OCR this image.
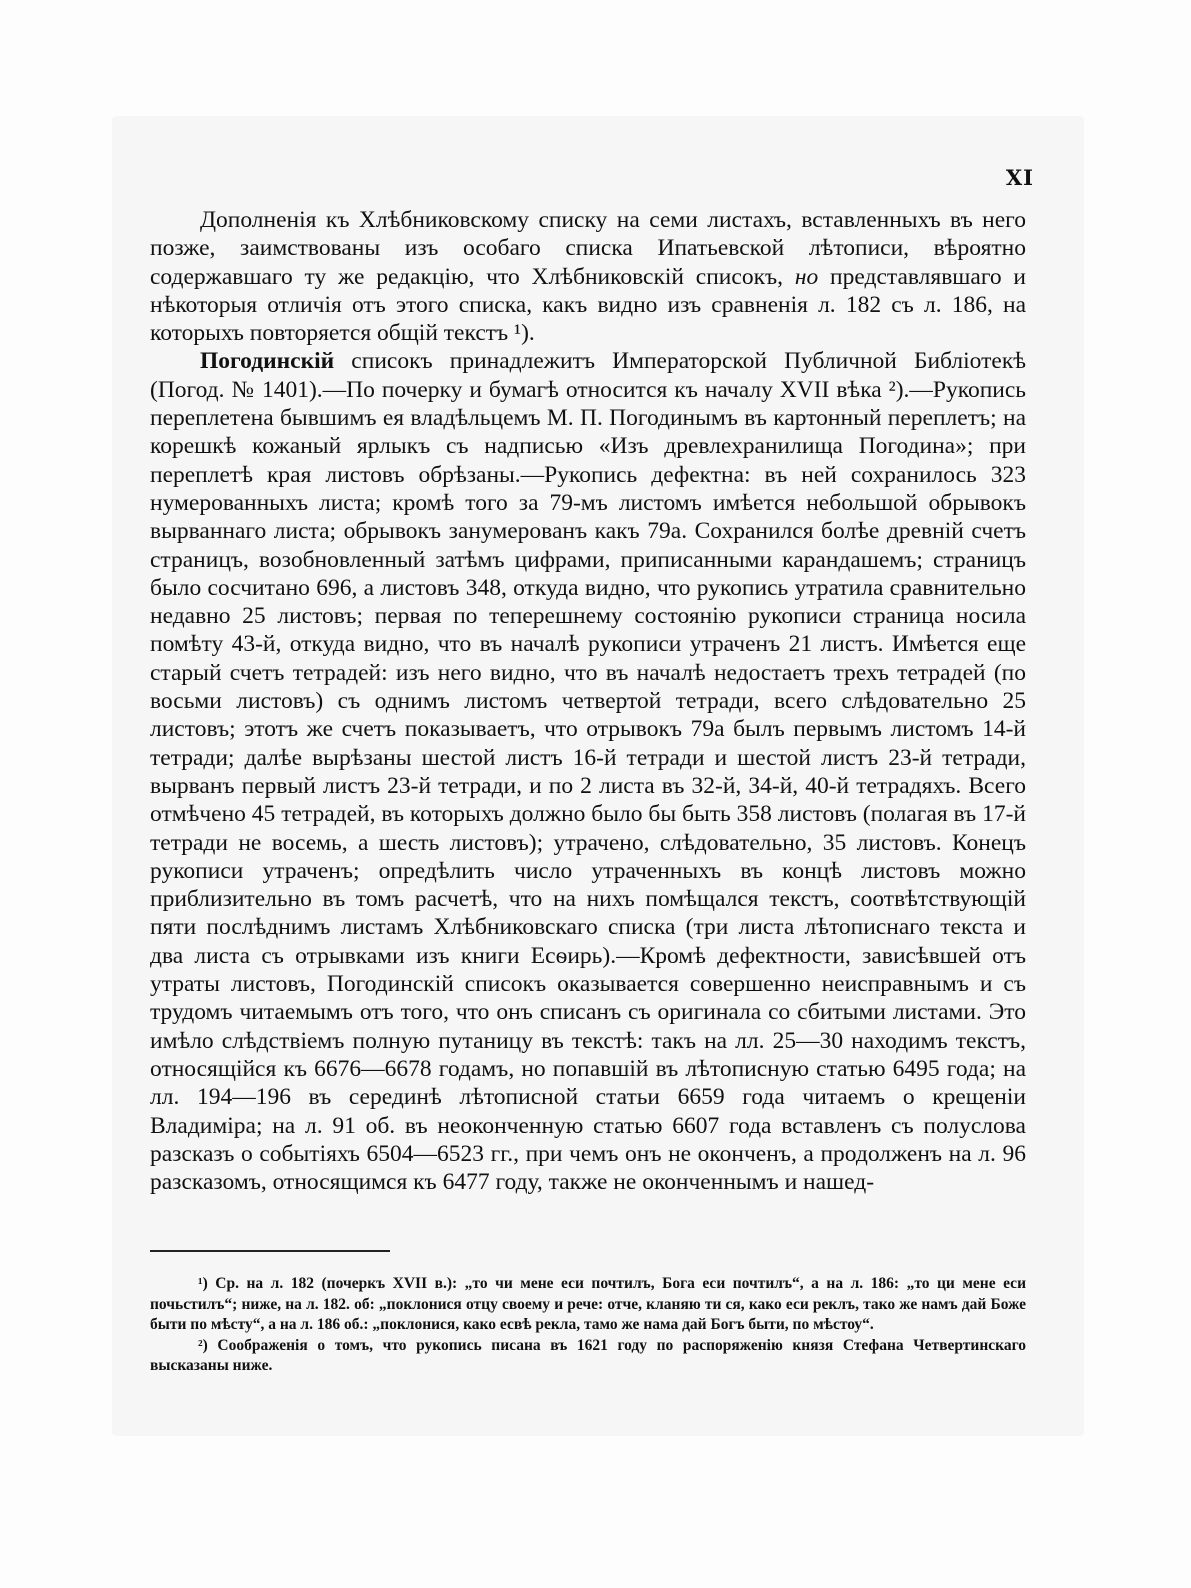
XI

Дополненія къ Хлѣбниковскому списку на семи листахъ, вставленныхъ въ него позже, заимствованы изъ особаго списка Ипатьевской лѣтописи, вѣроятно содержавшаго ту же редакцію, что Хлѣбниковскій списокъ, но представлявшаго и нѣкоторыя отличія отъ этого списка, какъ видно изъ сравненія л. 182 съ л. 186, на которыхъ повторяется общій текстъ ¹).

Погодинскій списокъ принадлежитъ Императорской Публичной Библіотекѣ (Погод. № 1401).—По почерку и бумагѣ относится къ началу XVII вѣка ²).—Рукопись переплетена бывшимъ ея владѣльцемъ М. П. Погодинымъ въ картонный переплетъ; на корешкѣ кожаный ярлыкъ съ надписью «Изъ древлехранилища Погодина»; при переплетѣ края листовъ обрѣзаны.—Рукопись дефектна: въ ней сохранилось 323 нумерованныхъ листа; кромѣ того за 79-мъ листомъ имѣется небольшой обрывокъ вырваннаго листа; обрывокъ занумерованъ какъ 79а. Сохранился болѣе древній счетъ страницъ, возобновленный затѣмъ цифрами, приписанными карандашемъ; страницъ было сосчитано 696, а листовъ 348, откуда видно, что рукопись утратила сравнительно недавно 25 листовъ; первая по теперешнему состоянію рукописи страница носила помѣту 43-й, откуда видно, что въ началѣ рукописи утраченъ 21 листъ. Имѣется еще старый счетъ тетрадей: изъ него видно, что въ началѣ недостаетъ трехъ тетрадей (по восьми листовъ) съ однимъ листомъ четвертой тетради, всего слѣдовательно 25 листовъ; этотъ же счетъ показываетъ, что отрывокъ 79а былъ первымъ листомъ 14-й тетради; далѣе вырѣзаны шестой листъ 16-й тетради и шестой листъ 23-й тетради, вырванъ первый листъ 23-й тетради, и по 2 листа въ 32-й, 34-й, 40-й тетрадяхъ. Всего отмѣчено 45 тетрадей, въ которыхъ должно было бы быть 358 листовъ (полагая въ 17-й тетради не восемь, а шесть листовъ); утрачено, слѣдовательно, 35 листовъ. Конецъ рукописи утраченъ; опредѣлить число утраченныхъ въ концѣ листовъ можно приблизительно въ томъ расчетѣ, что на нихъ помѣщался текстъ, соотвѣтствующій пяти послѣднимъ листамъ Хлѣбниковскаго списка (три листа лѣтописнаго текста и два листа съ отрывками изъ книги Есѳирь).—Кромѣ дефектности, зависѣвшей отъ утраты листовъ, Погодинскій списокъ оказывается совершенно неисправнымъ и съ трудомъ читаемымъ отъ того, что онъ списанъ съ оригинала со сбитыми листами. Это имѣло слѣдствіемъ полную путаницу въ текстѣ: такъ на лл. 25—30 находимъ текстъ, относящійся къ 6676—6678 годамъ, но попавшій въ лѣтописную статью 6495 года; на лл. 194—196 въ серединѣ лѣтописной статьи 6659 года читаемъ о крещеніи Владиміра; на л. 91 об. въ неоконченную статью 6607 года вставленъ съ полуслова разсказъ о событіяхъ 6504—6523 гг., при чемъ онъ не оконченъ, а продолженъ на л. 96 разсказомъ, относящимся къ 6477 году, также не оконченнымъ и нашед-

¹) Ср. на л. 182 (почеркъ XVII в.): „то чи мене еси почтилъ, Бога еси почтилъ“, а на л. 186: „то ци мене еси почьстилъ“; ниже, на л. 182. об: „поклонися отцу своему и рече: отче, кланяю ти ся, како еси реклъ, тако же намъ дай Боже быти по мѣсту“, а на л. 186 об.: „поклонися, како есвѣ рекла, тамо же нама дай Богъ быти, по мѣстоу“.

²) Соображенія о томъ, что рукопись писана въ 1621 году по распоряженію князя Стефана Четвертинскаго высказаны ниже.
